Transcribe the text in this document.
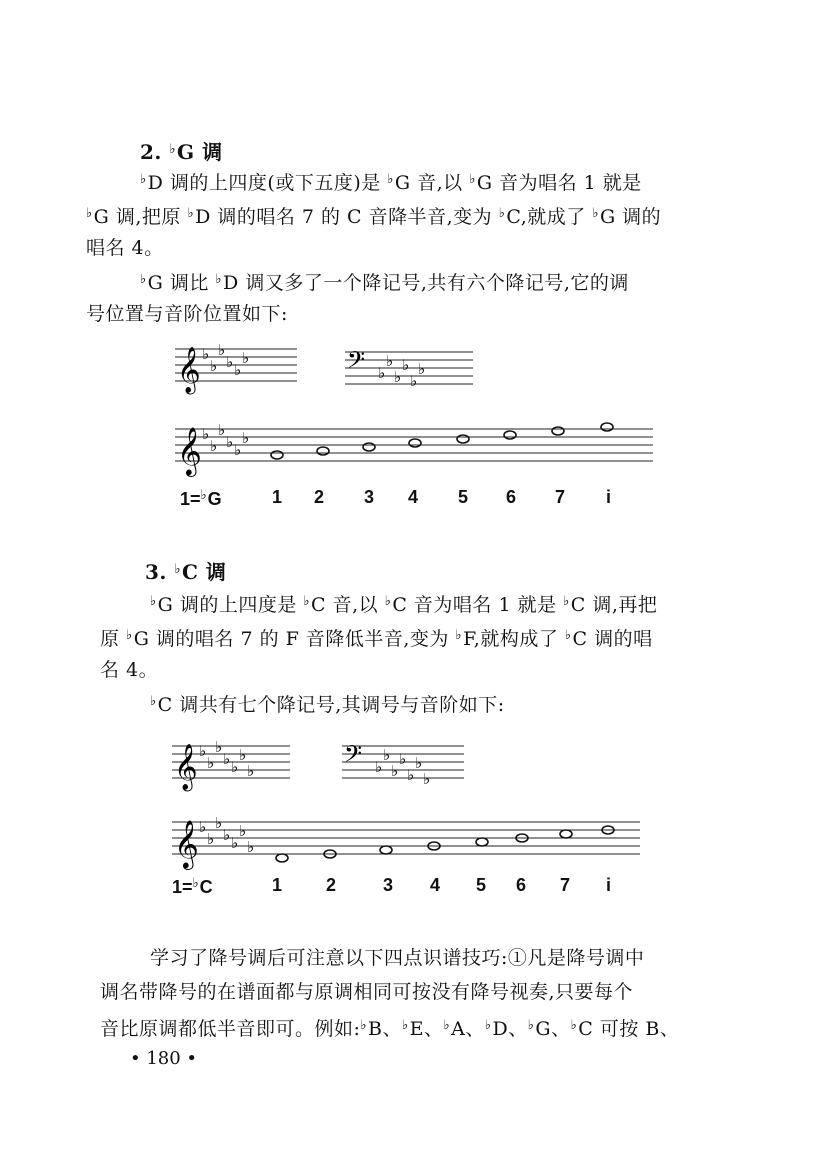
2. ♭G 调
♭D 调的上四度(或下五度)是 ♭G 音,以 ♭G 音为唱名 1 就是
♭G 调,把原 ♭D 调的唱名 7 的 C 音降半音,变为 ♭C,就成了 ♭G 调的
唱名 4。
♭G 调比 ♭D 调又多了一个降记号,共有六个降记号,它的调
号位置与音阶位置如下:
𝄞 ♭
♭
♭
♭ ♭
♭	𝄢 ♭
♭
♭
♭
♭
♭
𝄞 ♭
♭
♭
♭ ♭
♭
1=♭G	1 2 3 4 5 6 7 i
3. ♭C 调
♭G 调的上四度是 ♭C 音,以 ♭C 音为唱名 1 就是 ♭C 调,再把
原 ♭G 调的唱名 7 的 F 音降低半音,变为 ♭F,就构成了 ♭C 调的唱
名 4。
♭C 调共有七个降记号,其调号与音阶如下:
𝄞 ♭
♭
♭
♭ ♭
♭
♭	𝄢 ♭
♭
♭
♭
♭
♭
♭
𝄞 ♭
♭
♭
♭ ♭
♭
♭
1=♭C	1 2	3 4 5 6 7 i
学习了降号调后可注意以下四点识谱技巧:①凡是降号调中
调名带降号的在谱面都与原调相同可按没有降号视奏,只要每个
音比原调都低半音即可。例如:♭B、♭E、♭A、♭D、♭G、♭C 可按 B、
• 180 •
